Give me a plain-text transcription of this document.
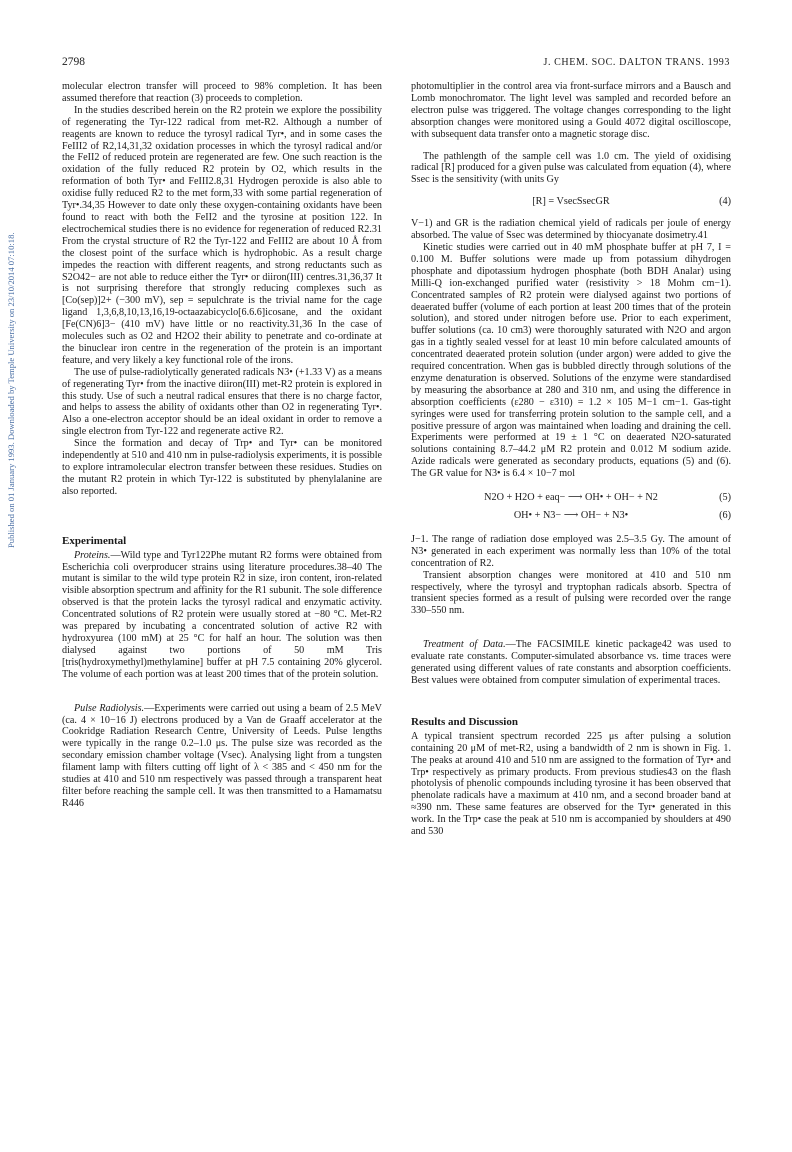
2798	J. CHEM. SOC. DALTON TRANS. 1993
Published on 01 January 1993. Downloaded by Temple University on 23/10/2014 07:10:18.

molecular electron transfer will proceed to 98% completion. It has been assumed therefore that reaction (3) proceeds to completion.

In the studies described herein on the R2 protein we explore the possibility of regenerating the Tyr-122 radical from met-R2. Although a number of reagents are known to reduce the tyrosyl radical Tyr•, and in some cases the FeIII2 of R2,14,31,32 oxidation processes in which the tyrosyl radical and/or the FeII2 of reduced protein are regenerated are few. One such reaction is the oxidation of the fully reduced R2 protein by O2, which results in the reformation of both Tyr• and FeIII2.8,31 Hydrogen peroxide is also able to oxidise fully reduced R2 to the met form,33 with some partial regeneration of Tyr•.34,35 However to date only these oxygen-containing oxidants have been found to react with both the FeII2 and the tyrosine at position 122. In electrochemical studies there is no evidence for regeneration of reduced R2.31 From the crystal structure of R2 the Tyr-122 and FeIII2 are about 10 Å from the closest point of the surface which is hydrophobic. As a result charge impedes the reaction with different reagents, and strong reductants such as S2O42− are not able to reduce either the Tyr• or diiron(III) centres.31,36,37 It is not surprising therefore that strongly reducing complexes such as [Co(sep)]2+ (−300 mV), sep = sepulchrate is the trivial name for the cage ligand 1,3,6,8,10,13,16,19-octaazabicyclo[6.6.6]icosane, and the oxidant [Fe(CN)6]3− (410 mV) have little or no reactivity.31,36 In the case of molecules such as O2 and H2O2 their ability to penetrate and co-ordinate at the binuclear iron centre in the regeneration of the protein is an important feature, and very likely a key functional role of the irons.

The use of pulse-radiolytically generated radicals N3• (+1.33 V) as a means of regenerating Tyr• from the inactive diiron(III) met-R2 protein is explored in this study. Use of such a neutral radical ensures that there is no charge factor, and helps to assess the ability of oxidants other than O2 in regenerating Tyr•. Also a one-electron acceptor should be an ideal oxidant in order to remove a single electron from Tyr-122 and regenerate active R2.

Since the formation and decay of Trp• and Tyr• can be monitored independently at 510 and 410 nm in pulse-radiolysis experiments, it is possible to explore intramolecular electron transfer between these residues. Studies on the mutant R2 protein in which Tyr-122 is substituted by phenylalanine are also reported.

Experimental

Proteins.—Wild type and Tyr122Phe mutant R2 forms were obtained from Escherichia coli overproducer strains using literature procedures.38–40 The mutant is similar to the wild type protein R2 in size, iron content, iron-related visible absorption spectrum and affinity for the R1 subunit. The sole difference observed is that the protein lacks the tyrosyl radical and enzymatic activity. Concentrated solutions of R2 protein were usually stored at −80 °C. Met-R2 was prepared by incubating a concentrated solution of active R2 with hydroxyurea (100 mM) at 25 °C for half an hour. The solution was then dialysed against two portions of 50 mM Tris [tris(hydroxymethyl)methylamine] buffer at pH 7.5 containing 20% glycerol. The volume of each portion was at least 200 times that of the protein solution.

Pulse Radiolysis.—Experiments were carried out using a beam of 2.5 MeV (ca. 4 × 10−16 J) electrons produced by a Van de Graaff accelerator at the Cookridge Radiation Research Centre, University of Leeds. Pulse lengths were typically in the range 0.2–1.0 μs. The pulse size was recorded as the secondary emission chamber voltage (Vsec). Analysing light from a tungsten filament lamp with filters cutting off light of λ < 385 and < 450 nm for the studies at 410 and 510 nm respectively was passed through a transparent heat filter before reaching the sample cell. It was then transmitted to a Hamamatsu R446

photomultiplier in the control area via front-surface mirrors and a Bausch and Lomb monochromator. The light level was sampled and recorded before an electron pulse was triggered. The voltage changes corresponding to the light absorption changes were monitored using a Gould 4072 digital oscilloscope, with subsequent data transfer onto a magnetic storage disc.

The pathlength of the sample cell was 1.0 cm. The yield of oxidising radical [R] produced for a given pulse was calculated from equation (4), where Ssec is the sensitivity (with units Gy

[R] = VsecSsecGR	(4)

V−1) and GR is the radiation chemical yield of radicals per joule of energy absorbed. The value of Ssec was determined by thiocyanate dosimetry.41

Kinetic studies were carried out in 40 mM phosphate buffer at pH 7, I = 0.100 M. Buffer solutions were made up from potassium dihydrogen phosphate and dipotassium hydrogen phosphate (both BDH Analar) using Milli-Q ion-exchanged purified water (resistivity > 18 Mohm cm−1). Concentrated samples of R2 protein were dialysed against two portions of deaerated buffer (volume of each portion at least 200 times that of the protein solution), and stored under nitrogen before use. Prior to each experiment, buffer solutions (ca. 10 cm3) were thoroughly saturated with N2O and argon gas in a tightly sealed vessel for at least 10 min before calculated amounts of concentrated deaerated protein solution (under argon) were added to give the required concentration. When gas is bubbled directly through solutions of the enzyme denaturation is observed. Solutions of the enzyme were standardised by measuring the absorbance at 280 and 310 nm, and using the difference in absorption coefficients (ε280 − ε310) = 1.2 × 105 M−1 cm−1. Gas-tight syringes were used for transferring protein solution to the sample cell, and a positive pressure of argon was maintained when loading and draining the cell. Experiments were performed at 19 ± 1 °C on deaerated N2O-saturated solutions containing 8.7–44.2 μM R2 protein and 0.012 M sodium azide. Azide radicals were generated as secondary products, equations (5) and (6). The GR value for N3• is 6.4 × 10−7 mol

N2O + H2O + eaq− ⟶ OH• + OH− + N2	(5)
OH• + N3− ⟶ OH− + N3•	(6)

J−1. The range of radiation dose employed was 2.5–3.5 Gy. The amount of N3• generated in each experiment was normally less than 10% of the total concentration of R2.

Transient absorption changes were monitored at 410 and 510 nm respectively, where the tyrosyl and tryptophan radicals absorb. Spectra of transient species formed as a result of pulsing were recorded over the range 330–550 nm.

Treatment of Data.—The FACSIMILE kinetic package42 was used to evaluate rate constants. Computer-simulated absorbance vs. time traces were generated using different values of rate constants and absorption coefficients. Best values were obtained from computer simulation of experimental traces.

Results and Discussion

A typical transient spectrum recorded 225 μs after pulsing a solution containing 20 μM of met-R2, using a bandwidth of 2 nm is shown in Fig. 1. The peaks at around 410 and 510 nm are assigned to the formation of Tyr• and Trp• respectively as primary products. From previous studies43 on the flash photolysis of phenolic compounds including tyrosine it has been observed that phenolate radicals have a maximum at 410 nm, and a second broader band at ≈390 nm. These same features are observed for the Tyr• generated in this work. In the Trp• case the peak at 510 nm is accompanied by shoulders at 490 and 530
